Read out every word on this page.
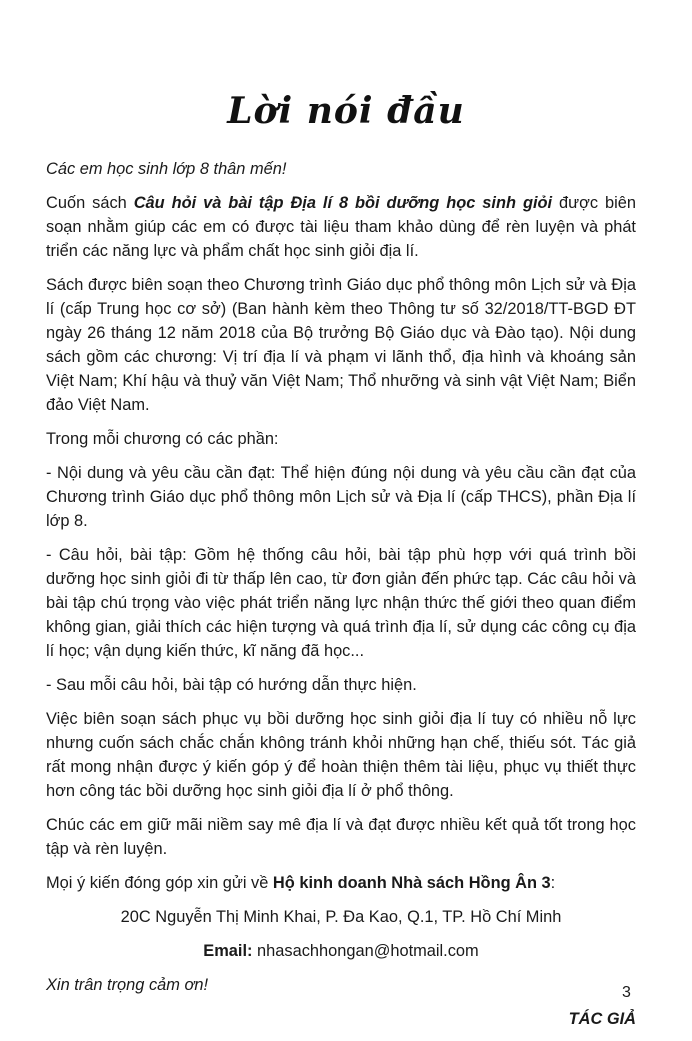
Lời nói đầu

Các em học sinh lớp 8 thân mến!

Cuốn sách Câu hỏi và bài tập Địa lí 8 bồi dưỡng học sinh giỏi được biên soạn nhằm giúp các em có được tài liệu tham khảo dùng để rèn luyện và phát triển các năng lực và phẩm chất học sinh giỏi địa lí.

Sách được biên soạn theo Chương trình Giáo dục phổ thông môn Lịch sử và Địa lí (cấp Trung học cơ sở) (Ban hành kèm theo Thông tư số 32/2018/TT-BGD ĐT ngày 26 tháng 12 năm 2018 của Bộ trưởng Bộ Giáo dục và Đào tạo). Nội dung sách gồm các chương: Vị trí địa lí và phạm vi lãnh thổ, địa hình và khoáng sản Việt Nam; Khí hậu và thuỷ văn Việt Nam; Thổ nhưỡng và sinh vật Việt Nam; Biển đảo Việt Nam.

Trong mỗi chương có các phần:

- Nội dung và yêu cầu cần đạt: Thể hiện đúng nội dung và yêu cầu cần đạt của Chương trình Giáo dục phổ thông môn Lịch sử và Địa lí (cấp THCS), phần Địa lí lớp 8.

- Câu hỏi, bài tập: Gồm hệ thống câu hỏi, bài tập phù hợp với quá trình bồi dưỡng học sinh giỏi đi từ thấp lên cao, từ đơn giản đến phức tạp. Các câu hỏi và bài tập chú trọng vào việc phát triển năng lực nhận thức thế giới theo quan điểm không gian, giải thích các hiện tượng và quá trình địa lí, sử dụng các công cụ địa lí học; vận dụng kiến thức, kĩ năng đã học...

- Sau mỗi câu hỏi, bài tập có hướng dẫn thực hiện.

Việc biên soạn sách phục vụ bồi dưỡng học sinh giỏi địa lí tuy có nhiều nỗ lực nhưng cuốn sách chắc chắn không tránh khỏi những hạn chế, thiếu sót. Tác giả rất mong nhận được ý kiến góp ý để hoàn thiện thêm tài liệu, phục vụ thiết thực hơn công tác bồi dưỡng học sinh giỏi địa lí ở phổ thông.

Chúc các em giữ mãi niềm say mê địa lí và đạt được nhiều kết quả tốt trong học tập và rèn luyện.

Mọi ý kiến đóng góp xin gửi về Hộ kinh doanh Nhà sách Hồng Ân 3:

20C Nguyễn Thị Minh Khai, P. Đa Kao, Q.1, TP. Hồ Chí Minh

Email: nhasachhongan@hotmail.com

Xin trân trọng cảm ơn!

TÁC GIẢ

3
